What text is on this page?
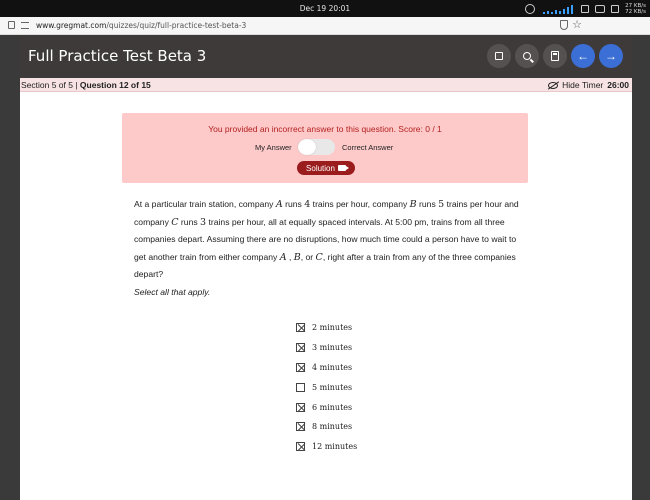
Dec 19 20:01	27 KB/s
72 KB/s
www.gregmat.com/quizzes/quiz/full-practice-test-beta-3	☆
Full Practice Test Beta 3	← →
Section 5 of 5 | Question 12 of 15	Hide Timer 26:00
You provided an incorrect answer to this question. Score: 0 / 1
My Answer	Correct Answer
Solution
At a particular train station, company A runs 4 trains per hour, company B runs 5 trains per hour and company C runs 3 trains per hour, all at equally spaced intervals. At 5:00 pm, trains from all three companies depart. Assuming there are no disruptions, how much time could a person have to wait to get another train from either company A , B, or C, right after a train from any of the three companies depart?
Select all that apply.
2 minutes
3 minutes
4 minutes
5 minutes
6 minutes
8 minutes
12 minutes
